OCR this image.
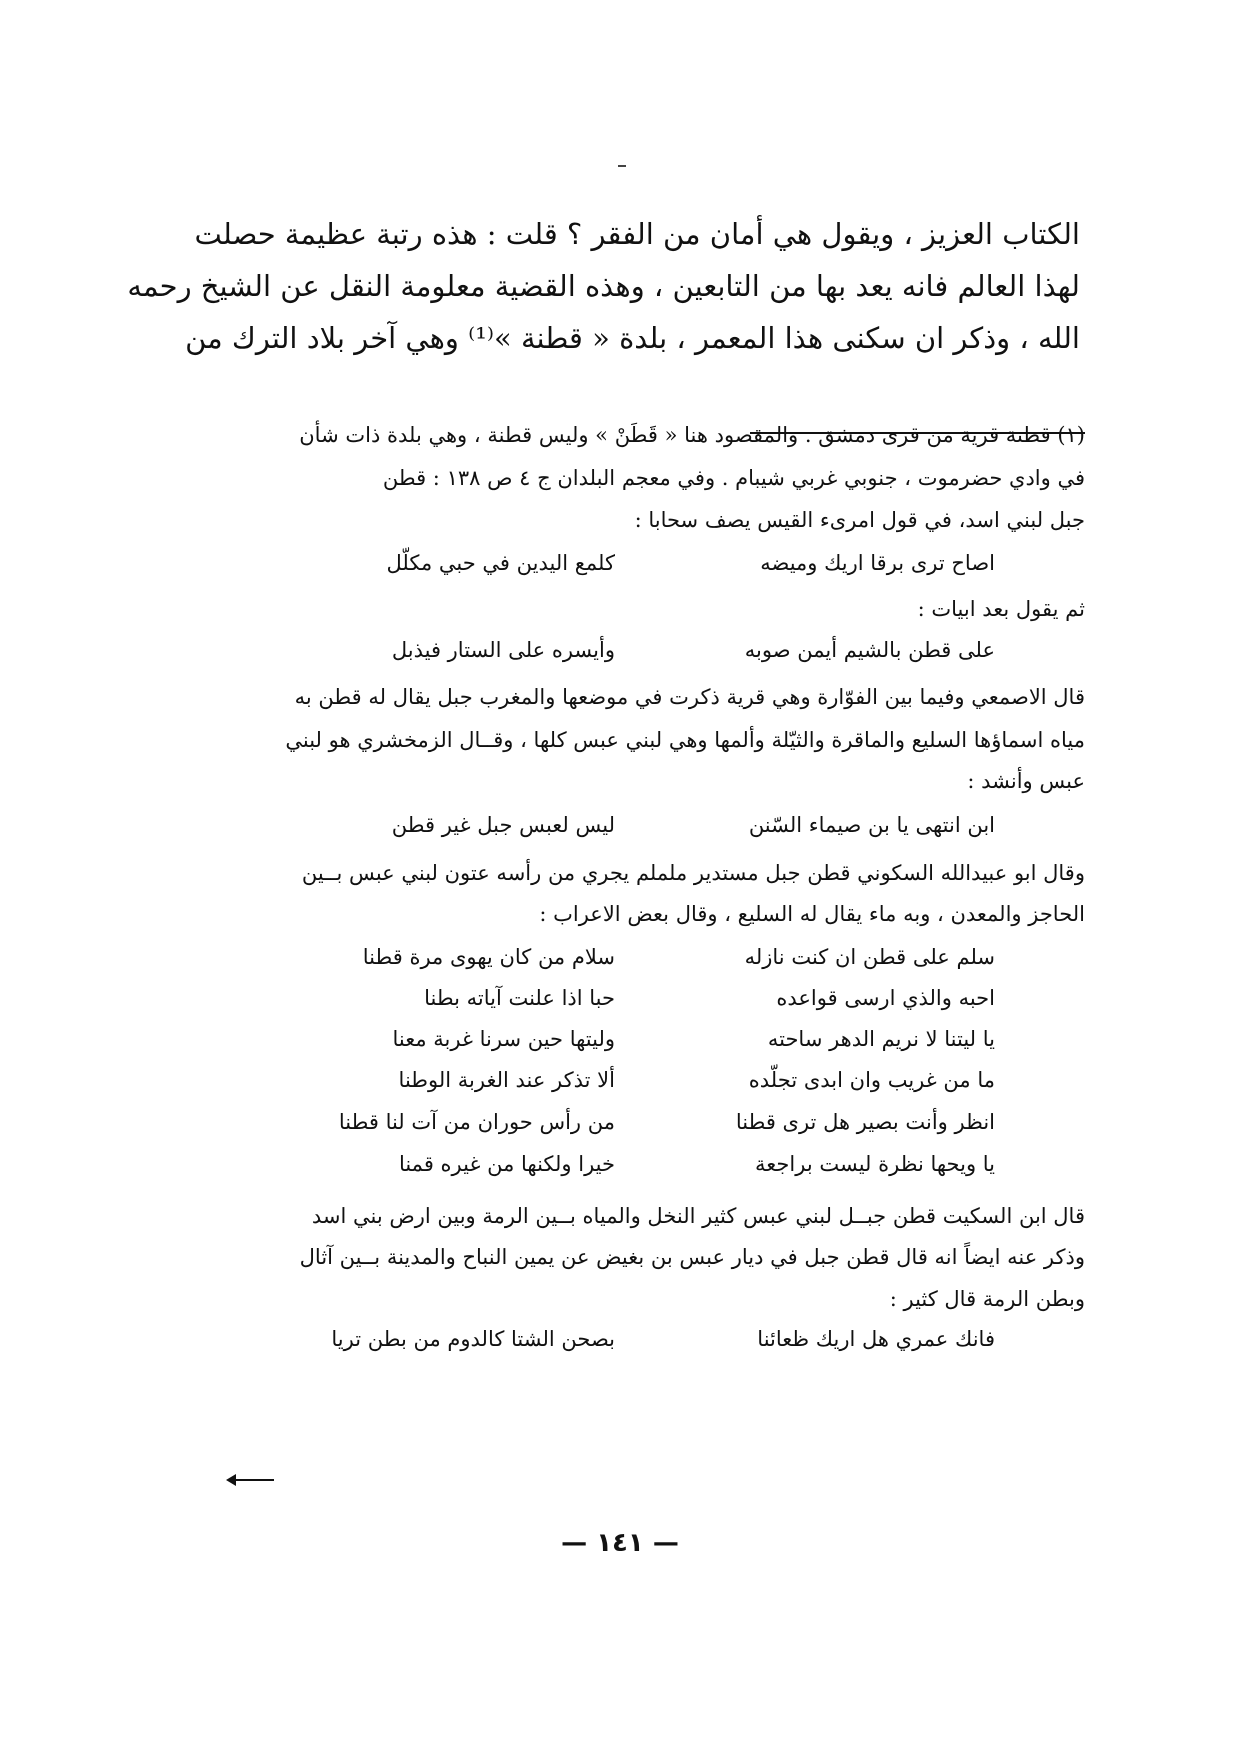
الكتاب العزيز ، ويقول هي أمان من الفقر ؟ قلت : هذه رتبة عظيمة حصلت
لهذا العالم فانه يعد بها من التابعين ، وهذه القضية معلومة النقل عن الشيخ رحمه
الله ، وذكر ان سكنى هذا المعمر ، بلدة « قطنة »⁽¹⁾ وهي آخر بلاد الترك من
(١) قطنة قرية من قرى دمشق . والمقصود هنا « قَطَنْ » وليس قطنة ، وهي بلدة ذات شأن
في وادي حضرموت ، جنوبي غربي شيبام . وفي معجم البلدان ج ٤ ص ١٣٨ : قطن
جبل لبني اسد، في قول امرىء القيس يصف سحابا :
اصاح ترى برقا اريك وميضه
كلمع اليدين في حبي مكلّل
ثم يقول بعد ابيات :
على قطن بالشيم أيمن صوبه
وأيسره على الستار فيذبل
قال الاصمعي وفيما بين الفوّارة وهي قرية ذكرت في موضعها والمغرب جبل يقال له قطن به
مياه اسماؤها السليع والماقرة والثيّلة وألمها وهي لبني عبس كلها ، وقــال الزمخشري هو لبني
عبس وأنشد :
ابن انتهى يا بن صيماء السّنن
ليس لعبس جبل غير قطن
وقال ابو عبيدالله السكوني قطن جبل مستدير ململم يجري من رأسه عتون لبني عبس بــين
الحاجز والمعدن ، وبه ماء يقال له السليع ، وقال بعض الاعراب :
سلم على قطن ان كنت نازله
سلام من كان يهوى مرة قطنا
احبه والذي ارسى قواعده
حبا اذا علنت آياته بطنا
يا ليتنا لا نريم الدهر ساحته
وليتها حين سرنا غربة معنا
ما من غريب وان ابدى تجلّده
ألا تذكر عند الغربة الوطنا
انظر وأنت بصير هل ترى قطنا
من رأس حوران من آت لنا قطنا
يا ويحها نظرة ليست براجعة
خيرا ولكنها من غيره قمنا
قال ابن السكيت قطن جبــل لبني عبس كثير النخل والمياه بــين الرمة وبين ارض بني اسد
وذكر عنه ايضاً انه قال قطن جبل في ديار عبس بن بغيض عن يمين النباح والمدينة بــين آثال
وبطن الرمة قال كثير :
فانك عمري هل اريك ظعائنا
بصحن الشتا كالدوم من بطن تريا
— ١٤١ —
